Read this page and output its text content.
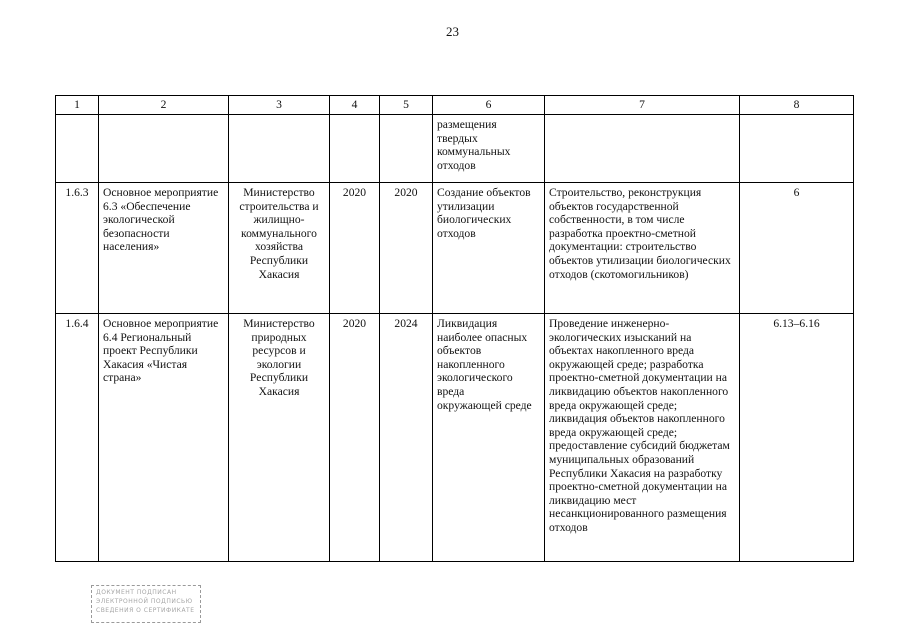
23
1	2	3	4	5	6	7	8
					размещения твердых коммунальных отходов		
1.6.3	Основное мероприятие 6.3 «Обеспечение экологической безопасности населения»	Министерство строительства и жилищно-коммунального хозяйства Республики Хакасия	2020	2020	Создание объектов утилизации биологических отходов	Строительство, реконструкция объектов государственной собственности, в том числе разработка проектно-сметной документации: строительство объектов утилизации биологических отходов (скотомогильников)	6
1.6.4	Основное мероприятие 6.4 Региональный проект Республики Хакасия «Чистая страна»	Министерство природных ресурсов и экологии Республики Хакасия	2020	2024	Ликвидация наиболее опасных объектов накопленного экологического вреда окружающей среде	Проведение инженерно-экологических изысканий на объектах накопленного вреда окружающей среде; разработка проектно-сметной документации на ликвидацию объектов накопленного вреда окружающей среде; ликвидация объектов накопленного вреда окружающей среде; предоставление субсидий бюджетам муниципальных образований Республики Хакасия на разработку проектно-сметной документации на ликвидацию мест несанкционированного размещения отходов	6.13–6.16
ДОКУМЕНТ ПОДПИСАН
ЭЛЕКТРОННОЙ ПОДПИСЬЮ
СВЕДЕНИЯ О СЕРТИФИКАТЕ
